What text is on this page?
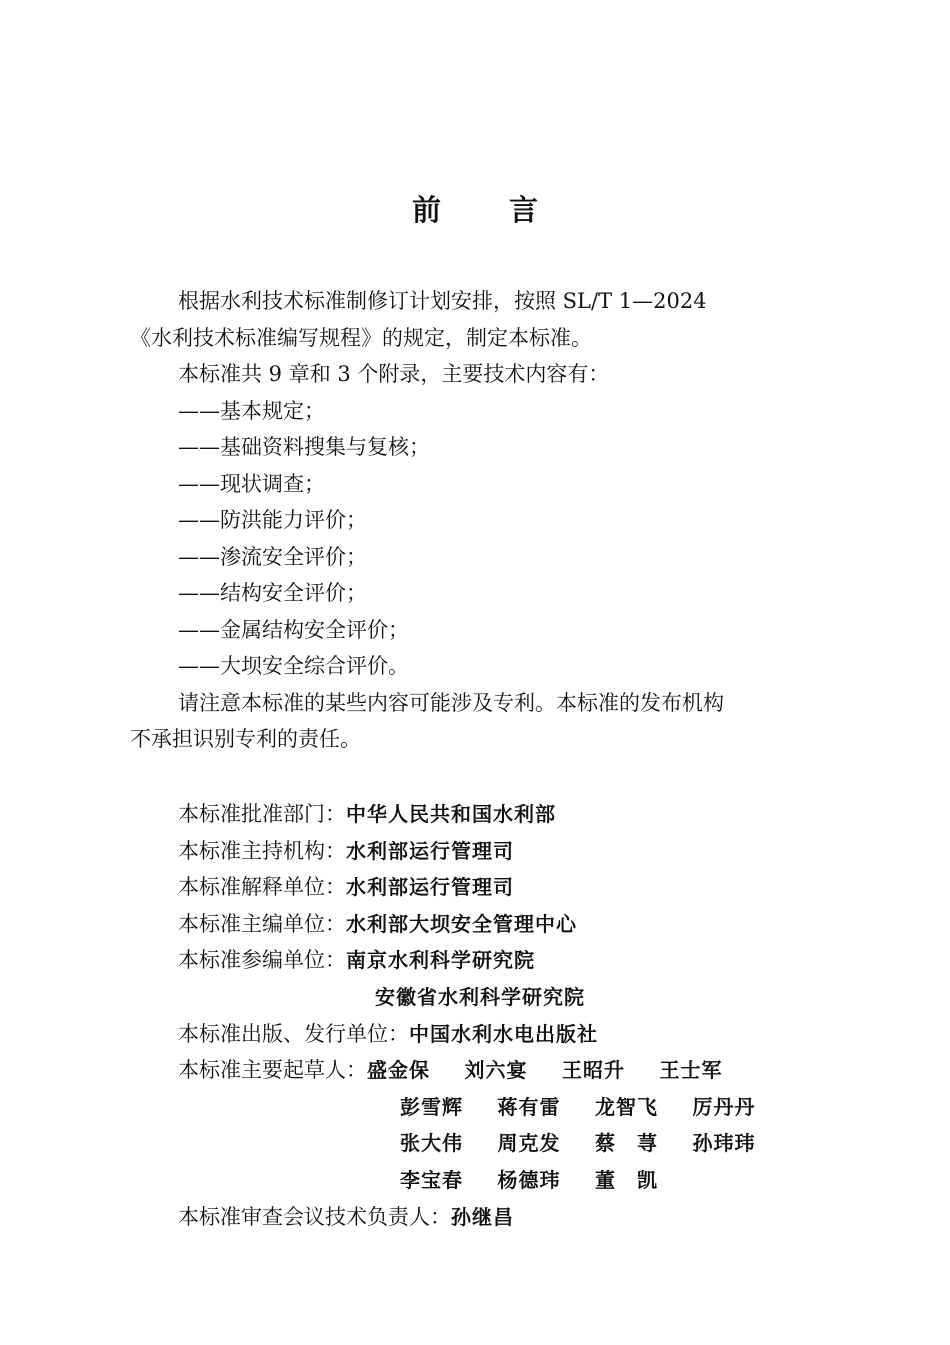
前言

根据水利技术标准制修订计划安排，按照 SL/T 1—2024

《水利技术标准编写规程》的规定，制定本标准。

本标准共 9 章和 3 个附录，主要技术内容有：

——基本规定；
——基础资料搜集与复核；
——现状调查；
——防洪能力评价；
——渗流安全评价；
——结构安全评价；
——金属结构安全评价；
——大坝安全综合评价。

请注意本标准的某些内容可能涉及专利。本标准的发布机构

不承担识别专利的责任。

本标准批准部门： 中华人民共和国水利部
本标准主持机构： 水利部运行管理司
本标准解释单位： 水利部运行管理司
本标准主编单位： 水利部大坝安全管理中心
本标准参编单位： 南京水利科学研究院
安徽省水利科学研究院
本标准出版、发行单位： 中国水利水电出版社
本标准主要起草人： 盛金保 刘六宴 王昭升 王士军
彭雪辉	蒋有雷	龙智飞	厉丹丹
张大伟	周克发	蔡　荨	孙玮玮
李宝春	杨德玮	董　凯
本标准审查会议技术负责人： 孙继昌
